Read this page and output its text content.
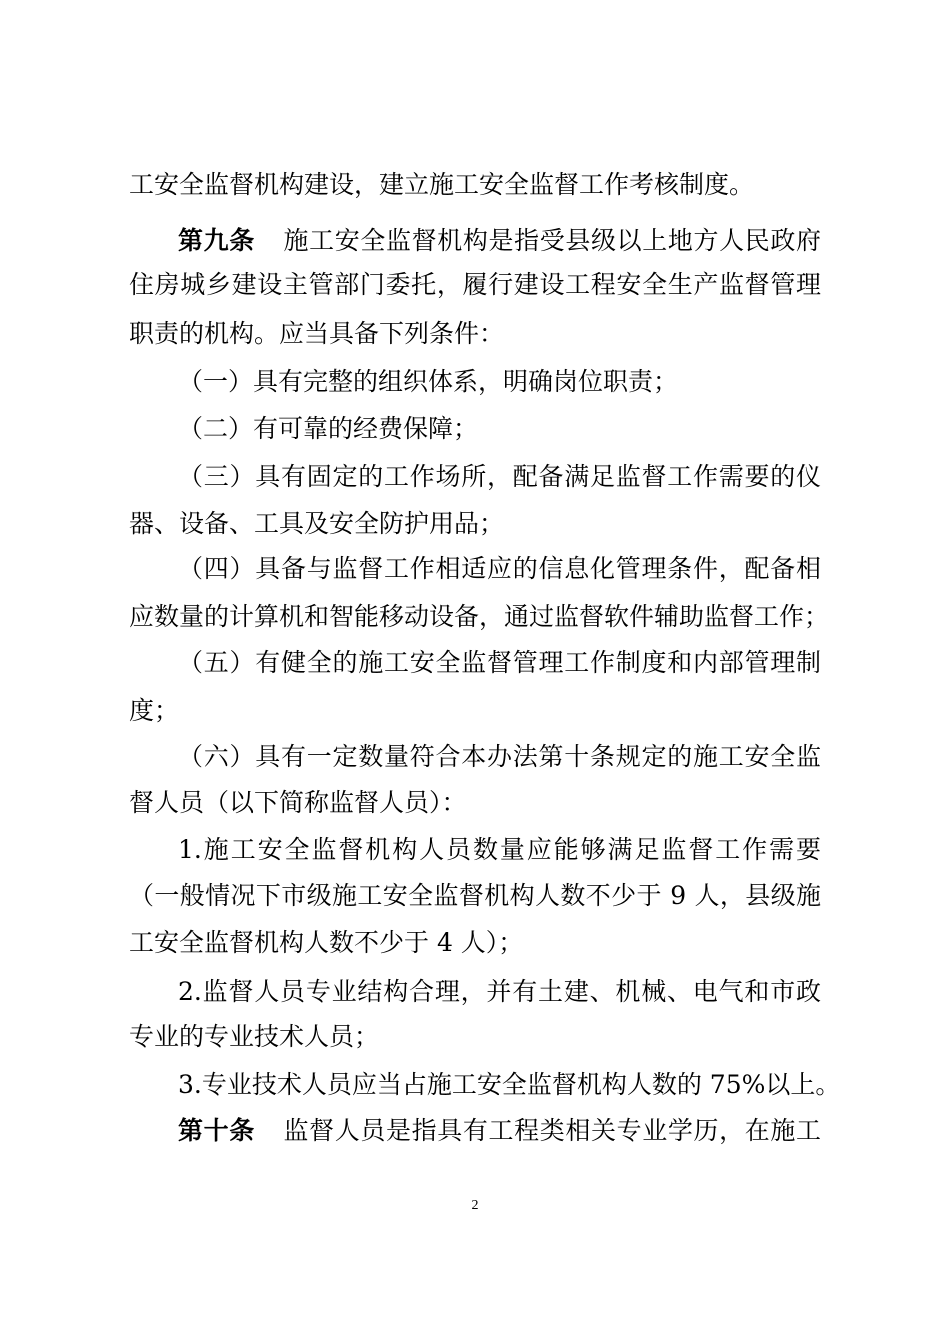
工安全监督机构建设，建立施工安全监督工作考核制度。
第九条 施工安全监督机构是指受县级以上地方人民政府
住房城乡建设主管部门委托，履行建设工程安全生产监督管理
职责的机构。应当具备下列条件：
（一）具有完整的组织体系，明确岗位职责；
（二）有可靠的经费保障；
（三）具有固定的工作场所，配备满足监督工作需要的仪
器、设备、工具及安全防护用品；
（四）具备与监督工作相适应的信息化管理条件，配备相
应数量的计算机和智能移动设备，通过监督软件辅助监督工作；
（五）有健全的施工安全监督管理工作制度和内部管理制
度；
（六）具有一定数量符合本办法第十条规定的施工安全监
督人员（以下简称监督人员）：
1.施工安全监督机构人员数量应能够满足监督工作需要
（一般情况下市级施工安全监督机构人数不少于 9 人，县级施
工安全监督机构人数不少于 4 人）；
2.监督人员专业结构合理，并有土建、机械、电气和市政
专业的专业技术人员；
3.专业技术人员应当占施工安全监督机构人数的 75%以上。
第十条 监督人员是指具有工程类相关专业学历，在施工
2
